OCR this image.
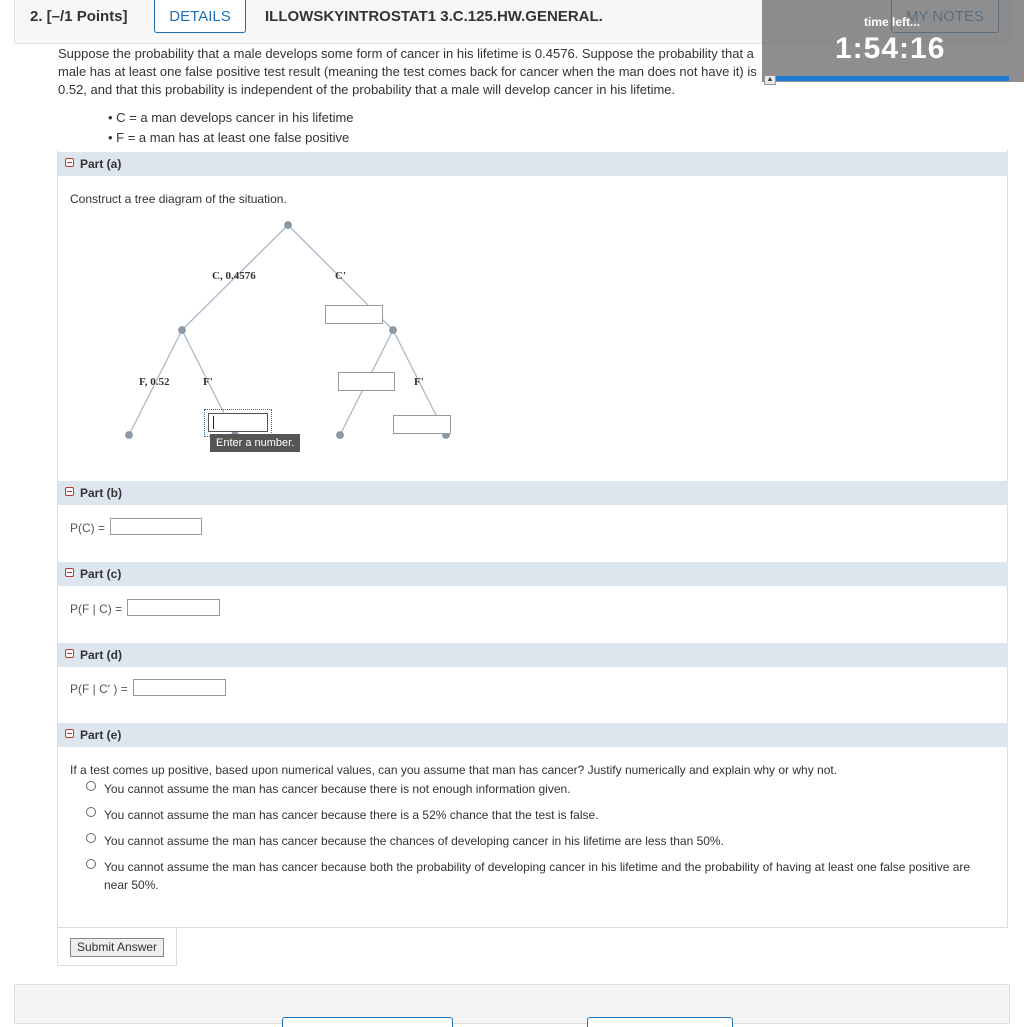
2. [–/1 Points]	DETAILS	ILLOWSKYINTROSTAT1 3.C.125.HW.GENERAL.
Suppose the probability that a male develops some form of cancer in his lifetime is 0.4576. Suppose the probability that a male has at least one false positive test result (meaning the test comes back for cancer when the man does not have it) is 0.52, and that this probability is independent of the probability that a male will develop cancer in his lifetime.
• C = a man develops cancer in his lifetime
• F = a man has at least one false positive
Part (a)
Construct a tree diagram of the situation.
C, 0.4576	C'
F, 0.52	F'	F'
Enter a number.
Part (b)
P(C) =
Part (c)
P(F | C) =
Part (d)
P(F | C' ) =
Part (e)
If a test comes up positive, based upon numerical values, can you assume that man has cancer? Justify numerically and explain why or why not.
You cannot assume the man has cancer because there is not enough information given.
You cannot assume the man has cancer because there is a 52% chance that the test is false.
You cannot assume the man has cancer because the chances of developing cancer in his lifetime are less than 50%.
You cannot assume the man has cancer because both the probability of developing cancer in his lifetime and the probability of having at least one false positive are near 50%.
Submit Answer
time left...
1:54:16
▲
